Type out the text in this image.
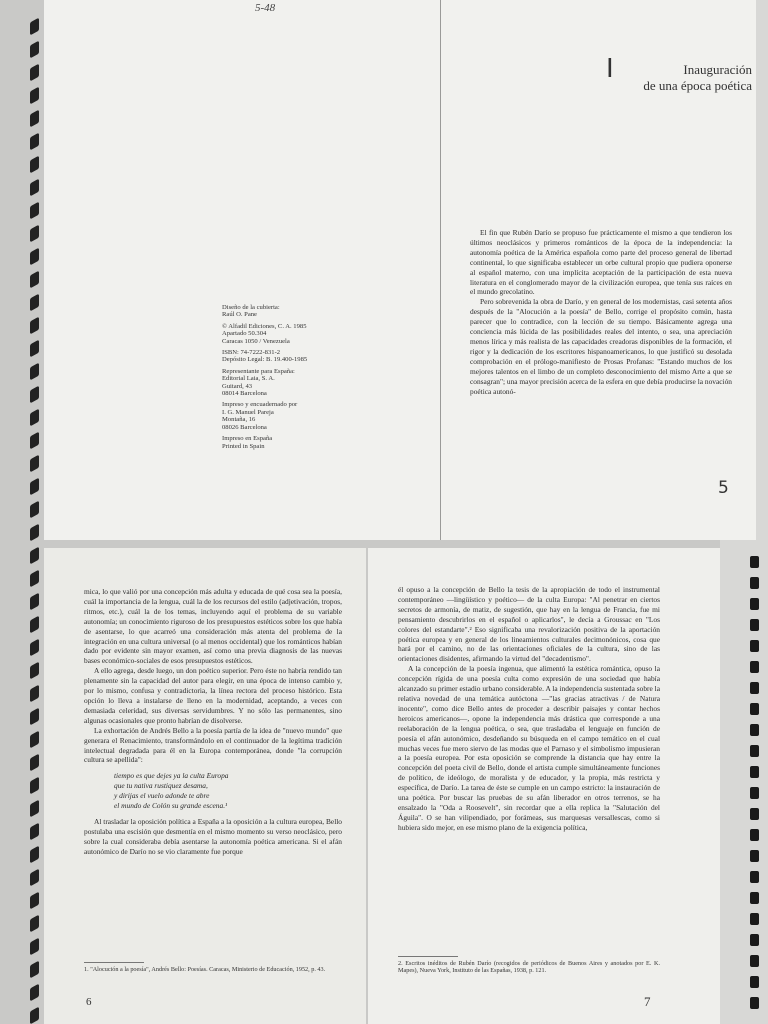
5-48

Diseño de la cubierta:
Raúl O. Pane

© Alfadil Ediciones, C. A. 1985
Apartado 50.304
Caracas 1050 / Venezuela

ISBN: 74-7222-831-2
Depósito Legal: B. 19.400-1985

Representante para España:
Editorial Laia, S. A.
Guitard, 43
08014 Barcelona

Impreso y encuadernado por
I. G. Manuel Pareja
Montaña, 16
08026 Barcelona

Impreso en España
Printed in Spain

I	Inauguración
de una época poética

El fin que Rubén Darío se propuso fue prácticamente el mismo a que tendieron los últimos neoclásicos y primeros románticos de la época de la independencia: la autonomía poética de la América española como parte del proceso general de libertad continental, lo que significaba establecer un orbe cultural propio que pudiera oponerse al español materno, con una implícita aceptación de la participación de esta nueva literatura en el conglomerado mayor de la civilización europea, que tenía sus raíces en el mundo grecolatino.

Pero sobrevenida la obra de Darío, y en general de los modernistas, casi setenta años después de la "Alocución a la poesía" de Bello, corrige el propósito común, hasta parecer que lo contradice, con la lección de su tiempo. Básicamente agrega una conciencia más lúcida de las posibilidades reales del intento, o sea, una apreciación menos lírica y más realista de las capacidades creadoras disponibles de la formación, el rigor y la dedicación de los escritores hispanoamericanos, lo que justificó su desolada comprobación en el prólogo-manifiesto de Prosas Profanas: "Estando muchos de los mejores talentos en el limbo de un completo desconocimiento del mismo Arte a que se consagran"; una mayor precisión acerca de la esfera en que debía producirse la novación poética autonó-

5

mica, lo que valió por una concepción más adulta y educada de qué cosa sea la poesía, cuál la importancia de la lengua, cuál la de los recursos del estilo (adjetivación, tropos, ritmos, etc.), cuál la de los temas, incluyendo aquí el problema de su variable autonomía; un conocimiento riguroso de los presupuestos estéticos sobre los que había de asentarse, lo que acarreó una consideración más atenta del problema de la integración en una cultura universal (o al menos occidental) que los románticos habían dado por evidente sin mayor examen, así como una previa diagnosis de las nuevas bases económico-sociales de esos presupuestos estéticos.

A ello agrega, desde luego, un don poético superior. Pero éste no habría rendido tan plenamente sin la capacidad del autor para elegir, en una época de intenso cambio y, por lo mismo, confusa y contradictoria, la línea rectora del proceso histórico. Esta opción lo lleva a instalarse de lleno en la modernidad, aceptando, a veces con demasiada celeridad, sus diversas servidumbres. Y no sólo las permanentes, sino algunas ocasionales que pronto habrían de disolverse.

La exhortación de Andrés Bello a la poesía partía de la idea de "nuevo mundo" que generara el Renacimiento, transformándolo en el continuador de la legítima tradición intelectual degradada para él en la Europa contemporánea, donde "la corrupción cultura se apellida":

tiempo es que dejes ya la culta Europa
que tu nativa rustiquez desama,
y dirijas el vuelo adonde te abre
el mundo de Colón su grande escena.¹

Al trasladar la oposición política a España a la oposición a la cultura europea, Bello postulaba una escisión que desmentía en el mismo momento su verso neoclásico, pero sobre la cual consideraba debía asentarse la autonomía poética americana. Si el afán autonómico de Darío no se vio claramente fue porque

1. "Alocución a la poesía", Andrés Bello: Poesías. Caracas, Ministerio de Educación, 1952, p. 43.
6

él opuso a la concepción de Bello la tesis de la apropiación de todo el instrumental contemporáneo —lingüístico y poético— de la culta Europa: "Al penetrar en ciertos secretos de armonía, de matiz, de sugestión, que hay en la lengua de Francia, fue mi pensamiento descubrirlos en el español o aplicarlos", le decía a Groussac en "Los colores del estandarte".² Eso significaba una revalorización positiva de la aportación poética europea y en general de los lineamientos culturales decimonónicos, cosa que hará por el camino, no de las orientaciones oficiales de la cultura, sino de las orientaciones disidentes, afirmando la virtud del "decadentismo".

A la concepción de la poesía ingenua, que alimentó la estética romántica, opuso la concepción rígida de una poesía culta como expresión de una sociedad que había alcanzado su primer estadio urbano considerable. A la independencia sustentada sobre la relativa novedad de una temática autóctona —"las gracias atractivas / de Natura inocente", como dice Bello antes de proceder a describir paisajes y contar hechos heroicos americanos—, opone la independencia más drástica que corresponde a una reelaboración de la lengua poética, o sea, que trasladaba el lenguaje en función de poesía el afán autonómico, desdeñando su búsqueda en el campo temático en el cual muchas veces fue mero siervo de las modas que el Parnaso y el simbolismo impusieran a la poesía europea. Por esta oposición se comprende la distancia que hay entre la concepción del poeta civil de Bello, donde el artista cumple simultáneamente funciones de político, de ideólogo, de moralista y de educador, y la propia, más restricta y específica, de Darío. La tarea de éste se cumple en un campo estricto: la instauración de una poética. Por buscar las pruebas de su afán liberador en otros terrenos, se ha ensalzado la "Oda a Roosevelt", sin recordar que a ella replica la "Salutación del Águila". O se han vilipendiado, por forámeas, sus marquesas versallescas, como si hubiera sido mejor, en ese mismo plano de la exigencia política,

2. Escritos inéditos de Rubén Darío (recogidos de periódicos de Buenos Aires y anotados por E. K. Mapes), Nueva York, Instituto de las Españas, 1938, p. 121.
7
